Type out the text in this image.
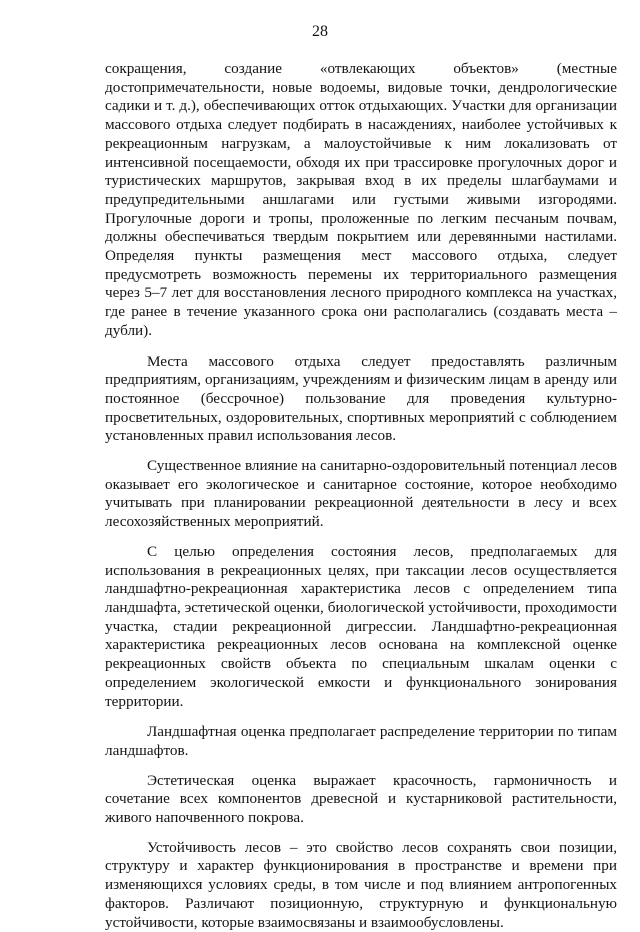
28

сокращения, создание «отвлекающих объектов» (местные достопримечательности, новые водоемы, видовые точки, дендрологические садики и т. д.), обеспечивающих отток отдыхающих. Участки для организации массового отдыха следует подбирать в насаждениях, наиболее устойчивых к рекреационным нагрузкам, а малоустойчивые к ним локализовать от интенсивной посещаемости, обходя их при трассировке прогулочных дорог и туристических маршрутов, закрывая вход в их пределы шлагбаумами и предупредительными аншлагами или густыми живыми изгородями. Прогулочные дороги и тропы, проложенные по легким песчаным почвам, должны обеспечиваться твердым покрытием или деревянными настилами. Определяя пункты размещения мест массового отдыха, следует предусмотреть возможность перемены их территориального размещения через 5–7 лет для восстановления лесного природного комплекса на участках, где ранее в течение указанного срока они располагались (создавать места – дубли).

Места массового отдыха следует предоставлять различным предприятиям, организациям, учреждениям и физическим лицам в аренду или постоянное (бессрочное) пользование для проведения культурно-просветительных, оздоровительных, спортивных мероприятий с соблюдением установленных правил использования лесов.

Существенное влияние на санитарно-оздоровительный потенциал лесов оказывает его экологическое и санитарное состояние, которое необходимо учитывать при планировании рекреационной деятельности в лесу и всех лесохозяйственных мероприятий.

С целью определения состояния лесов, предполагаемых для использования в рекреационных целях, при таксации лесов осуществляется ландшафтно-рекреационная характеристика лесов с определением типа ландшафта, эстетической оценки, биологической устойчивости, проходимости участка, стадии рекреационной дигрессии. Ландшафтно-рекреационная характеристика рекреационных лесов основана на комплексной оценке рекреационных свойств объекта по специальным шкалам оценки с определением экологической емкости и функционального зонирования территории.

Ландшафтная оценка предполагает распределение территории по типам ландшафтов.

Эстетическая оценка выражает красочность, гармоничность и сочетание всех компонентов древесной и кустарниковой растительности, живого напочвенного покрова.

Устойчивость лесов – это свойство лесов сохранять свои позиции, структуру и характер функционирования в пространстве и времени при изменяющихся условиях среды, в том числе и под влиянием антропогенных факторов. Различают позиционную, структурную и функциональную устойчивости, которые взаимосвязаны и взаимообусловлены.
